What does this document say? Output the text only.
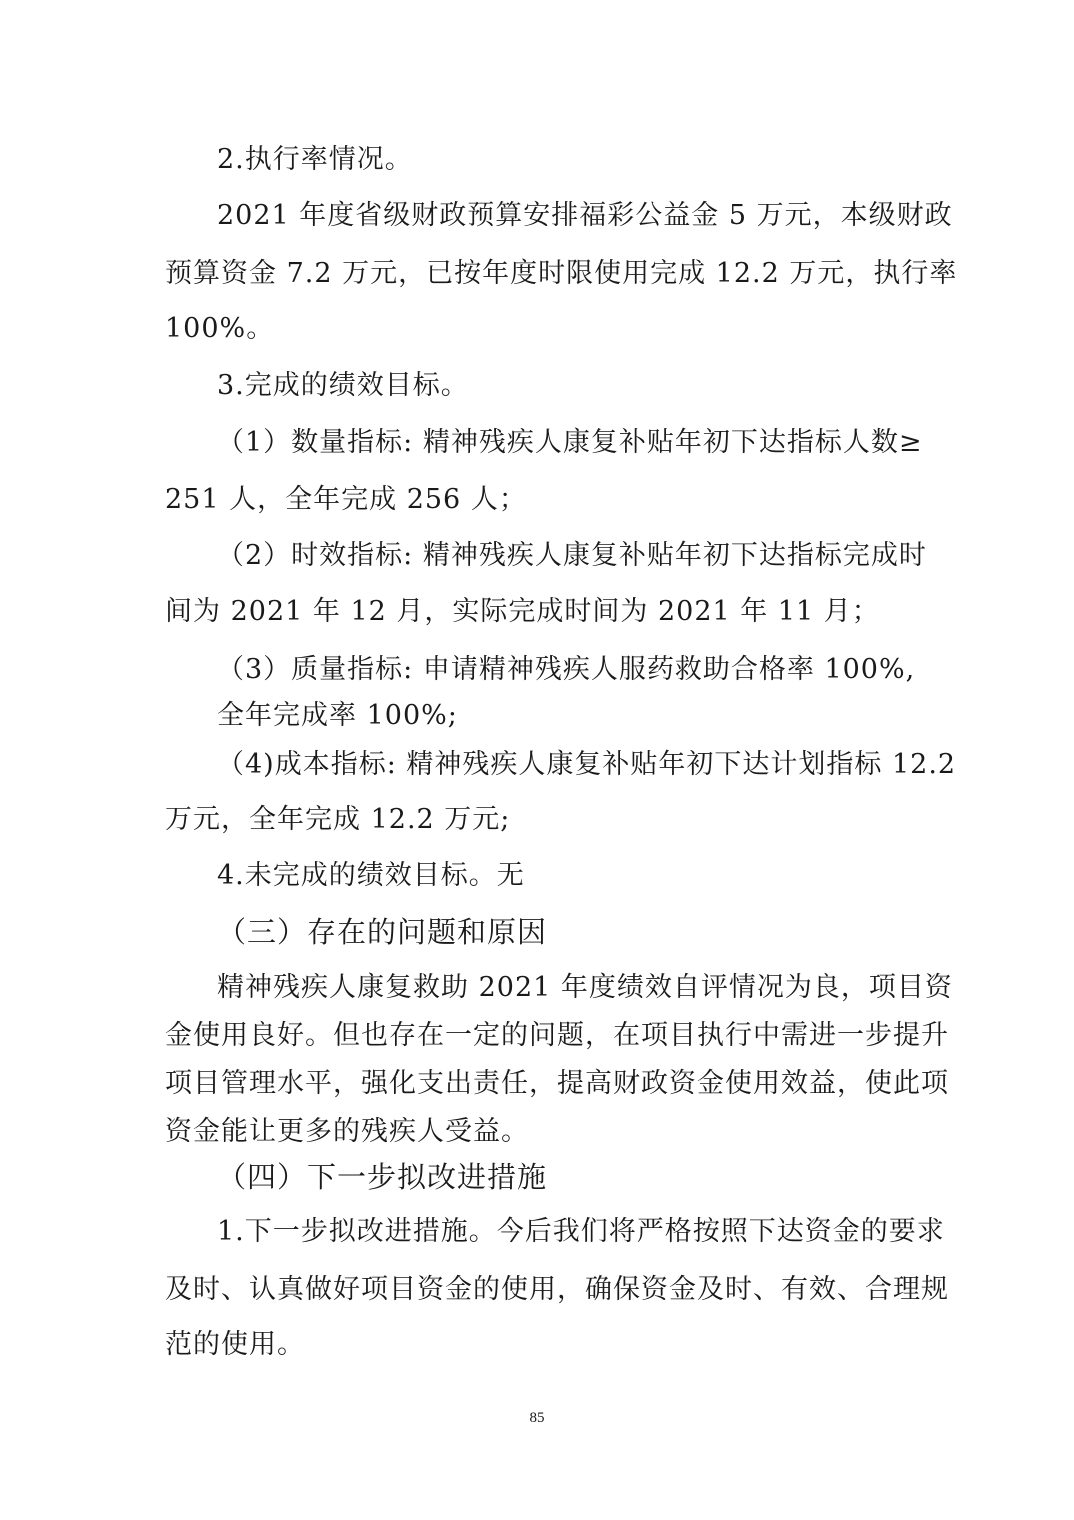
2.执行率情况。
2021 年度省级财政预算安排福彩公益金 5 万元，本级财政
预算资金 7.2 万元，已按年度时限使用完成 12.2 万元，执行率
100%。
3.完成的绩效目标。
（1）数量指标: 精神残疾人康复补贴年初下达指标人数≥
251 人，全年完成 256 人；
（2）时效指标: 精神残疾人康复补贴年初下达指标完成时
间为 2021 年 12 月，实际完成时间为 2021 年 11 月；
（3）质量指标: 申请精神残疾人服药救助合格率 100%,
全年完成率 100%;
（4)成本指标: 精神残疾人康复补贴年初下达计划指标 12.2
万元，全年完成 12.2 万元;
4.未完成的绩效目标。无
（三）存在的问题和原因
精神残疾人康复救助 2021 年度绩效自评情况为良，项目资
金使用良好。但也存在一定的问题，在项目执行中需进一步提升
项目管理水平，强化支出责任，提高财政资金使用效益，使此项
资金能让更多的残疾人受益。
（四）下一步拟改进措施
1.下一步拟改进措施。今后我们将严格按照下达资金的要求
及时、认真做好项目资金的使用，确保资金及时、有效、合理规
范的使用。
85
